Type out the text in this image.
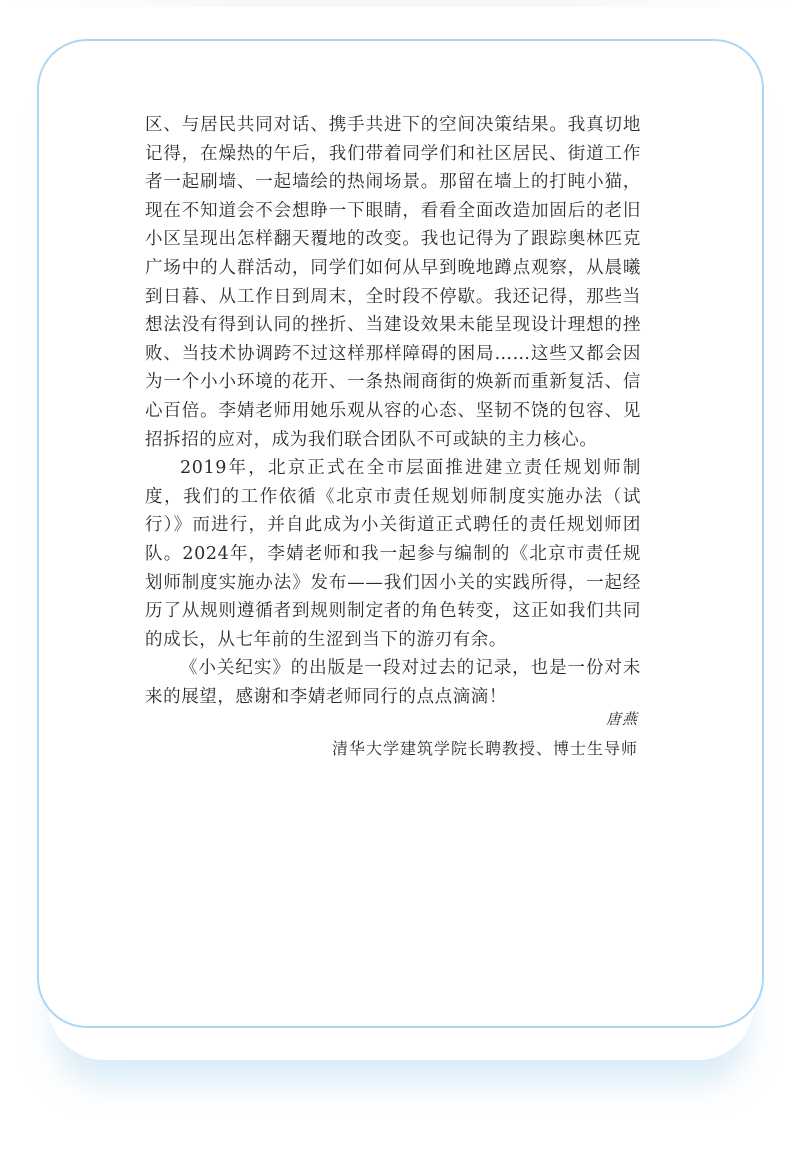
区、与居民共同对话、携手共进下的空间决策结果。我真切地记得，在燥热的午后，我们带着同学们和社区居民、街道工作者一起刷墙、一起墙绘的热闹场景。那留在墙上的打盹小猫，现在不知道会不会想睁一下眼睛，看看全面改造加固后的老旧小区呈现出怎样翻天覆地的改变。我也记得为了跟踪奥林匹克广场中的人群活动，同学们如何从早到晚地蹲点观察，从晨曦到日暮、从工作日到周末，全时段不停歇。我还记得，那些当想法没有得到认同的挫折、当建设效果未能呈现设计理想的挫败、当技术协调跨不过这样那样障碍的困局……这些又都会因为一个小小环境的花开、一条热闹商街的焕新而重新复活、信心百倍。李婧老师用她乐观从容的心态、坚韧不饶的包容、见招拆招的应对，成为我们联合团队不可或缺的主力核心。

2019年，北京正式在全市层面推进建立责任规划师制度，我们的工作依循《北京市责任规划师制度实施办法（试行）》而进行，并自此成为小关街道正式聘任的责任规划师团队。2024年，李婧老师和我一起参与编制的《北京市责任规划师制度实施办法》发布——我们因小关的实践所得，一起经历了从规则遵循者到规则制定者的角色转变，这正如我们共同的成长，从七年前的生涩到当下的游刃有余。

《小关纪实》的出版是一段对过去的记录，也是一份对未来的展望，感谢和李婧老师同行的点点滴滴！

唐燕
清华大学建筑学院长聘教授、博士生导师
